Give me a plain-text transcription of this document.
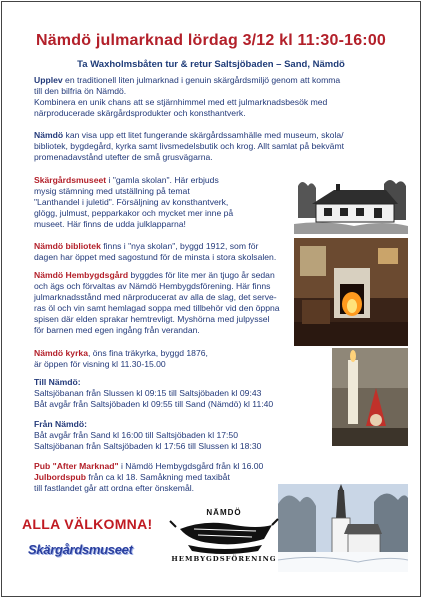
Nämdö julmarknad lördag 3/12 kl 11:30-16:00
Ta Waxholmsbåten tur & retur Saltsjöbaden – Sand, Nämdö

Upplev en traditionell liten julmarknad i genuin skärgårdsmiljö genom att komma
till den bilfria ön Nämdö.
Kombinera en unik chans att se stjärnhimmel med ett julmarknadsbesök med
närproducerade skärgårdsprodukter och konsthantverk.

Nämdö kan visa upp ett litet fungerande skärgårdssamhälle med museum, skola/
bibliotek, bygdegård, kyrka samt livsmedelsbutik och krog. Allt samlat på bekvämt
promenadavstånd utefter de små grusvägarna.

Skärgårdsmuseet i "gamla skolan". Här erbjuds
mysig stämning med utställning på temat
"Lanthandel i juletid". Försäljning av konsthantverk,
glögg, julmust, pepparkakor och mycket mer inne på
museet. Här finns de udda julklapparna!

Nämdö bibliotek finns i "nya skolan", byggd 1912, som för
dagen har öppet med sagostund för de minsta i stora skolsalen.

Nämdö Hembygdsgård byggdes för lite mer än tjugo år sedan
och ägs och förvaltas av Nämdö Hembygdsförening. Här finns
julmarknadsstånd med närproducerat av alla de slag, det serve-
ras öl och vin samt hemlagad soppa med tillbehör vid den öppna
spisen där elden sprakar hemtrevligt. Myshörna med julpyssel
för barnen med egen ingång från verandan.

Nämdö kyrka, öns fina träkyrka, byggd 1876,
är öppen för visning kl 11.30-15.00

Till Nämdö:
Saltsjöbanan från Slussen kl 09:15 till Saltsjöbaden kl 09:43
Båt avgår från Saltsjöbaden kl 09:55 till Sand (Nämdö) kl 11:40

Från Nämdö:
Båt avgår från Sand kl 16:00 till Saltsjöbaden kl 17:50
Saltsjöbanan från Saltsjöbaden kl 17:56 till Slussen kl 18:30

Pub "After Marknad" i Nämdö Hembygdsgård från kl 16.00
Julbordspub från ca kl 18. Samåkning med taxibåt
till fastlandet går att ordna efter önskemål.

ALLA VÄLKOMNA!
Skärgårdsmuseet
NÄMDÖ
HEMBYGDSFÖRENING
